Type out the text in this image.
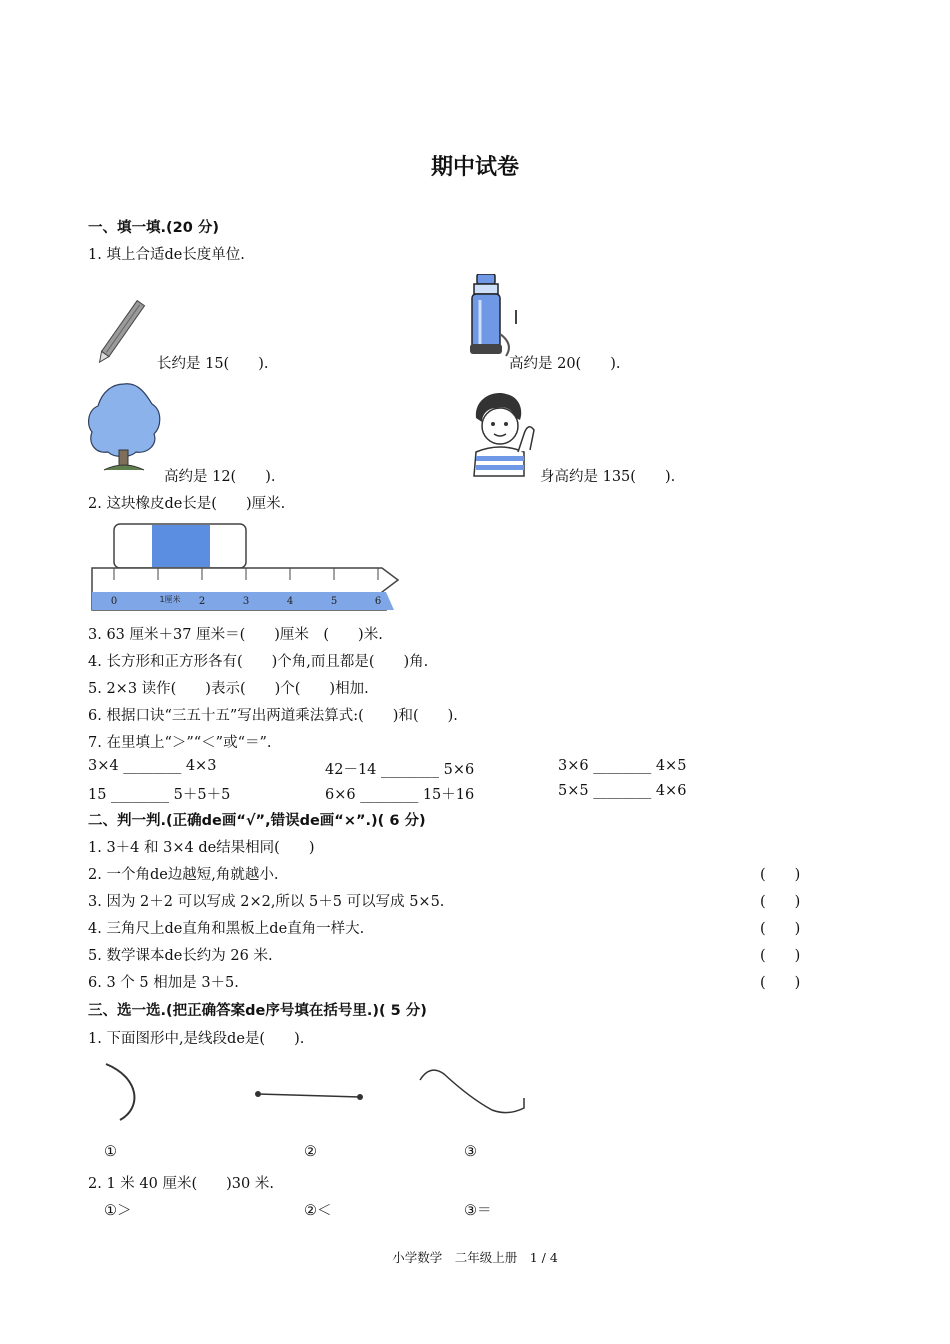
期中试卷
一、填一填.(20 分)
1. 填上合适de长度单位.
长约是 15(　　).	高约是 20(　　).
高约是 12(　　).	身高约是 135(　　).
2. 这块橡皮de长是(　　)厘米.
0	1厘米 2	3	4	5	6
3. 63 厘米＋37 厘米＝(　　)厘米　(　　)米.
4. 长方形和正方形各有(　　)个角,而且都是(　　)角.
5. 2×3 读作(　　)表示(　　)个(　　)相加.
6. 根据口诀“三五十五”写出两道乘法算式:(　　)和(　　).
7. 在里填上“＞”“＜”或“＝”.
3×4 ________ 4×3	42－14 ________ 5×6	3×6 ________ 4×5
15 ________ 5＋5＋5	6×6 ________ 15＋16	5×5 ________ 4×6
二、判一判.(正确de画“√”,错误de画“×”.)( 6 分)
1. 3＋4 和 3×4 de结果相同(　　)
2. 一个角de边越短,角就越小.	(　　)
3. 因为 2＋2 可以写成 2×2,所以 5＋5 可以写成 5×5.	(　　)
4. 三角尺上de直角和黑板上de直角一样大.	(　　)
5. 数学课本de长约为 26 米.	(　　)
6. 3 个 5 相加是 3＋5.	(　　)
三、选一选.(把正确答案de序号填在括号里.)( 5 分)
1. 下面图形中,是线段de是(　　).
①	②	③
2. 1 米 40 厘米(　　)30 米.
①＞	②＜	③＝
小学数学　二年级上册　1 / 4
